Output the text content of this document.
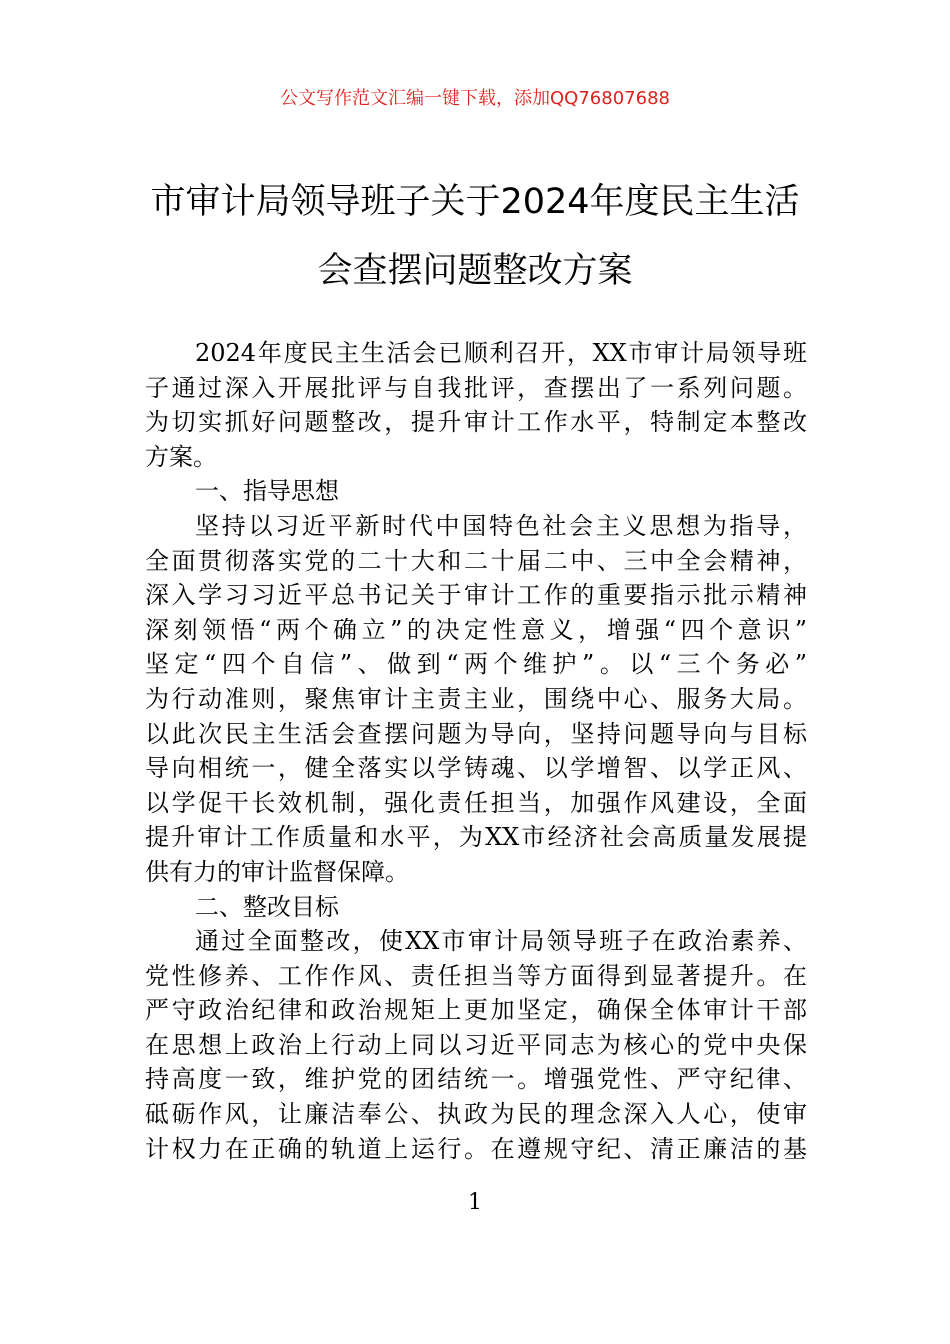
公文写作范文汇编一键下载，添加QQ76807688
市审计局领导班子关于2024年度民主生活
会查摆问题整改方案
2024年度民主生活会已顺利召开，XX市审计局领导班
子通过深入开展批评与自我批评，查摆出了一系列问题。
为切实抓好问题整改，提升审计工作水平，特制定本整改
方案。
一、指导思想
坚持以习近平新时代中国特色社会主义思想为指导，
全面贯彻落实党的二十大和二十届二中、三中全会精神，
深入学习习近平总书记关于审计工作的重要指示批示精神
深刻领悟“两个确立”的决定性意义，增强“四个意识”
坚定“四个自信”、做到“两个维护”。以“三个务必”
为行动准则，聚焦审计主责主业，围绕中心、服务大局。
以此次民主生活会查摆问题为导向，坚持问题导向与目标
导向相统一，健全落实以学铸魂、以学增智、以学正风、
以学促干长效机制，强化责任担当，加强作风建设，全面
提升审计工作质量和水平，为XX市经济社会高质量发展提
供有力的审计监督保障。
二、整改目标
通过全面整改，使XX市审计局领导班子在政治素养、
党性修养、工作作风、责任担当等方面得到显著提升。在
严守政治纪律和政治规矩上更加坚定，确保全体审计干部
在思想上政治上行动上同以习近平同志为核心的党中央保
持高度一致，维护党的团结统一。增强党性、严守纪律、
砥砺作风，让廉洁奉公、执政为民的理念深入人心，使审
计权力在正确的轨道上运行。在遵规守纪、清正廉洁的基
1
